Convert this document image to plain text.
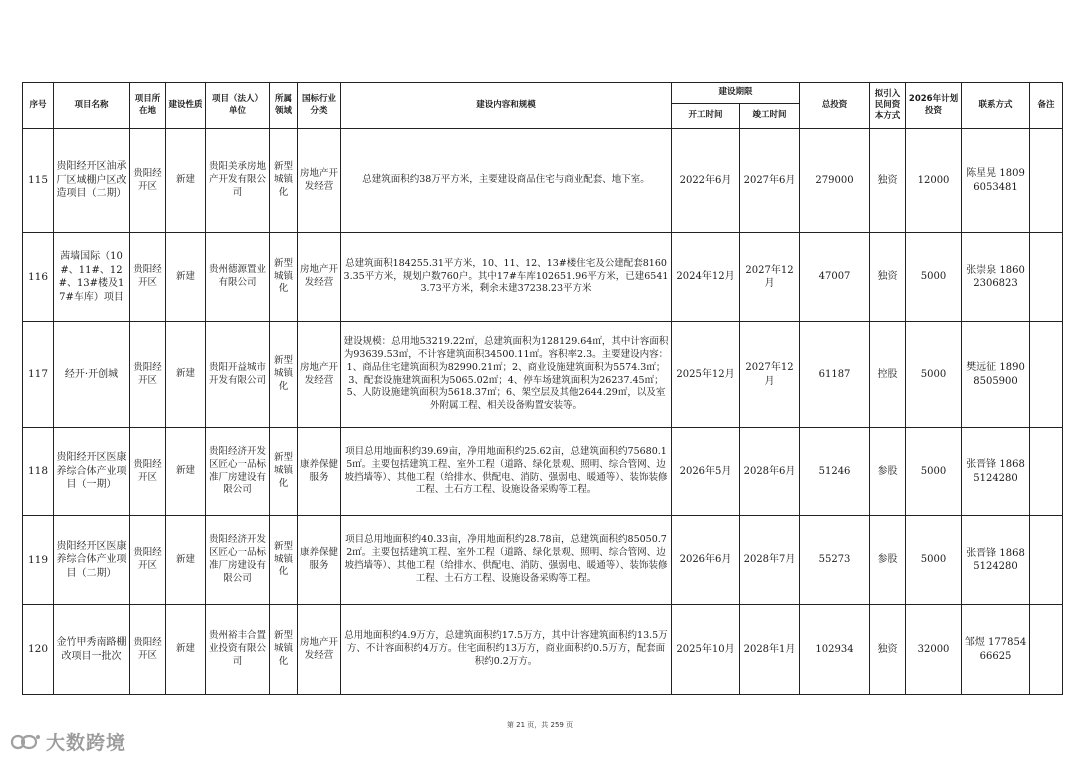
序号	项目名称	项目所在地	建设性质	项目（法人）单位	所属领域	国标行业分类	建设内容和规模	建设期限		总投资	拟引入民间资本方式	2026年计划投资	联系方式	备注
								开工时间	竣工时间					
115	贵阳经开区油承厂区域棚户区改造项目（二期）	贵阳经开区	新建	贵阳美承房地产开发有限公司	新型城镇化	房地产开发经营	总建筑面积约38万平方米，主要建设商品住宅与商业配套、地下室。	2022年6月	2027年6月	279000	独资	12000	陈星晃 18096053481	
116	茜墙国际（10#、11#、12#、13#楼及17#车库）项目	贵阳经开区	新建	贵州德源置业有限公司	新型城镇化	房地产开发经营	总建筑面积184255.31平方米，10、11、12、13#楼住宅及公建配套81603.35平方米，规划户数760户。其中17#车库102651.96平方米，已建65413.73平方米，剩余未建37238.23平方米	2024年12月	2027年12月	47007	独资	5000	张崇泉 18602306823	
117	经开·开创城	贵阳经开区	新建	贵阳开益城市开发有限公司	新型城镇化	房地产开发经营	建设规模：总用地53219.22㎡，总建筑面积为128129.64㎡，其中计容面积为93639.53㎡，不计容建筑面积34500.11㎡。容积率2.3。主要建设内容：1、商品住宅建筑面积为82990.21㎡；2、商业设施建筑面积为5574.3㎡；3、配套设施建筑面积为5065.02㎡；4、停车场建筑面积为26237.45㎡；5、人防设施建筑面积为5618.37㎡；6、架空层及其他2644.29㎡，以及室外附属工程、相关设备购置安装等。	2025年12月	2027年12月	61187	控股	5000	樊远征 18908505900	
118	贵阳经开区医康养综合体产业项目（一期）	贵阳经开区	新建	贵阳经济开发区匠心一品标准厂房建设有限公司	新型城镇化	康养保健服务	项目总用地面积约39.69亩，净用地面积约25.62亩，总建筑面积约75680.15㎡。主要包括建筑工程、室外工程（道路、绿化景观、照明、综合管网、边坡挡墙等）、其他工程（给排水、供配电、消防、强弱电、暖通等）、装饰装修工程、土石方工程、设施设备采购等工程。	2026年5月	2028年6月	51246	参股	5000	张晋锋 18685124280	
119	贵阳经开区医康养综合体产业项目（二期）	贵阳经开区	新建	贵阳经济开发区匠心一品标准厂房建设有限公司	新型城镇化	康养保健服务	项目总用地面积约40.33亩，净用地面积约28.78亩，总建筑面积约85050.72㎡。主要包括建筑工程、室外工程（道路、绿化景观、照明、综合管网、边坡挡墙等）、其他工程（给排水、供配电、消防、强弱电、暖通等）、装饰装修工程、土石方工程、设施设备采购等工程。	2026年6月	2028年7月	55273	参股	5000	张晋锋 18685124280	
120	金竹甲秀南路棚改项目一批次	贵阳经开区	新建	贵州裕丰合置业投资有限公司	新型城镇化	房地产开发经营	总用地面积约4.9万方，总建筑面积约17.5万方，其中计容建筑面积约13.5万方、不计容面积约4万方。住宅面积约13万方，商业面积约0.5万方，配套面积约0.2万方。	2025年10月	2028年1月	102934	独资	32000	邹煜 17785466625	
第 21 页，共 259 页
大数跨境
